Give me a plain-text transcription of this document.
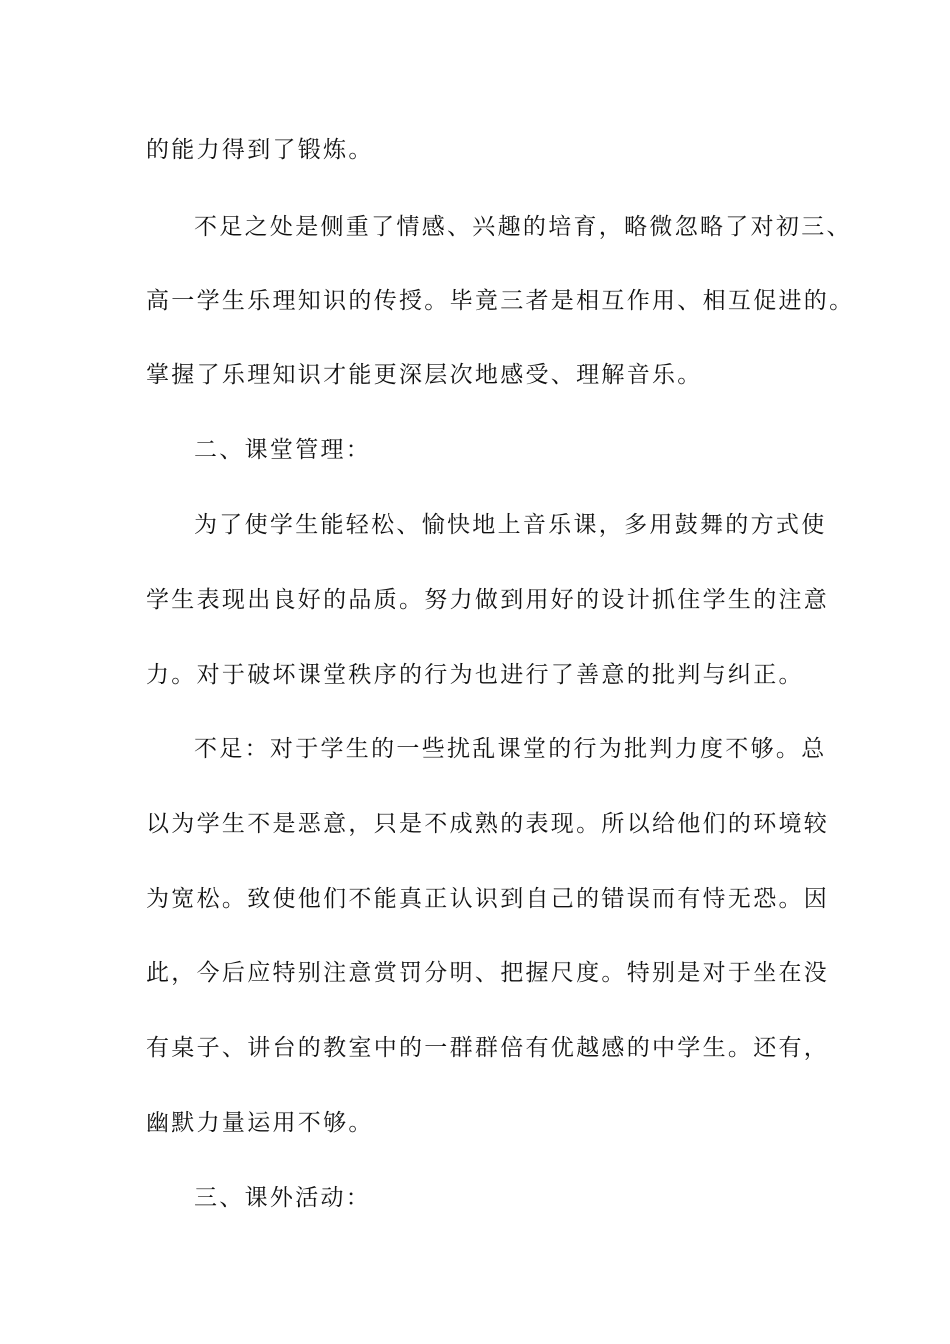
的能力得到了锻炼。
不足之处是侧重了情感、兴趣的培育，略微忽略了对初三、
高一学生乐理知识的传授。毕竟三者是相互作用、相互促进的。
掌握了乐理知识才能更深层次地感受、理解音乐。
二、课堂管理：
为了使学生能轻松、愉快地上音乐课，多用鼓舞的方式使
学生表现出良好的品质。努力做到用好的设计抓住学生的注意
力。对于破坏课堂秩序的行为也进行了善意的批判与纠正。
不足：对于学生的一些扰乱课堂的行为批判力度不够。总
以为学生不是恶意，只是不成熟的表现。所以给他们的环境较
为宽松。致使他们不能真正认识到自己的错误而有恃无恐。因
此，今后应特别注意赏罚分明、把握尺度。特别是对于坐在没
有桌子、讲台的教室中的一群群倍有优越感的中学生。还有，
幽默力量运用不够。
三、课外活动：
